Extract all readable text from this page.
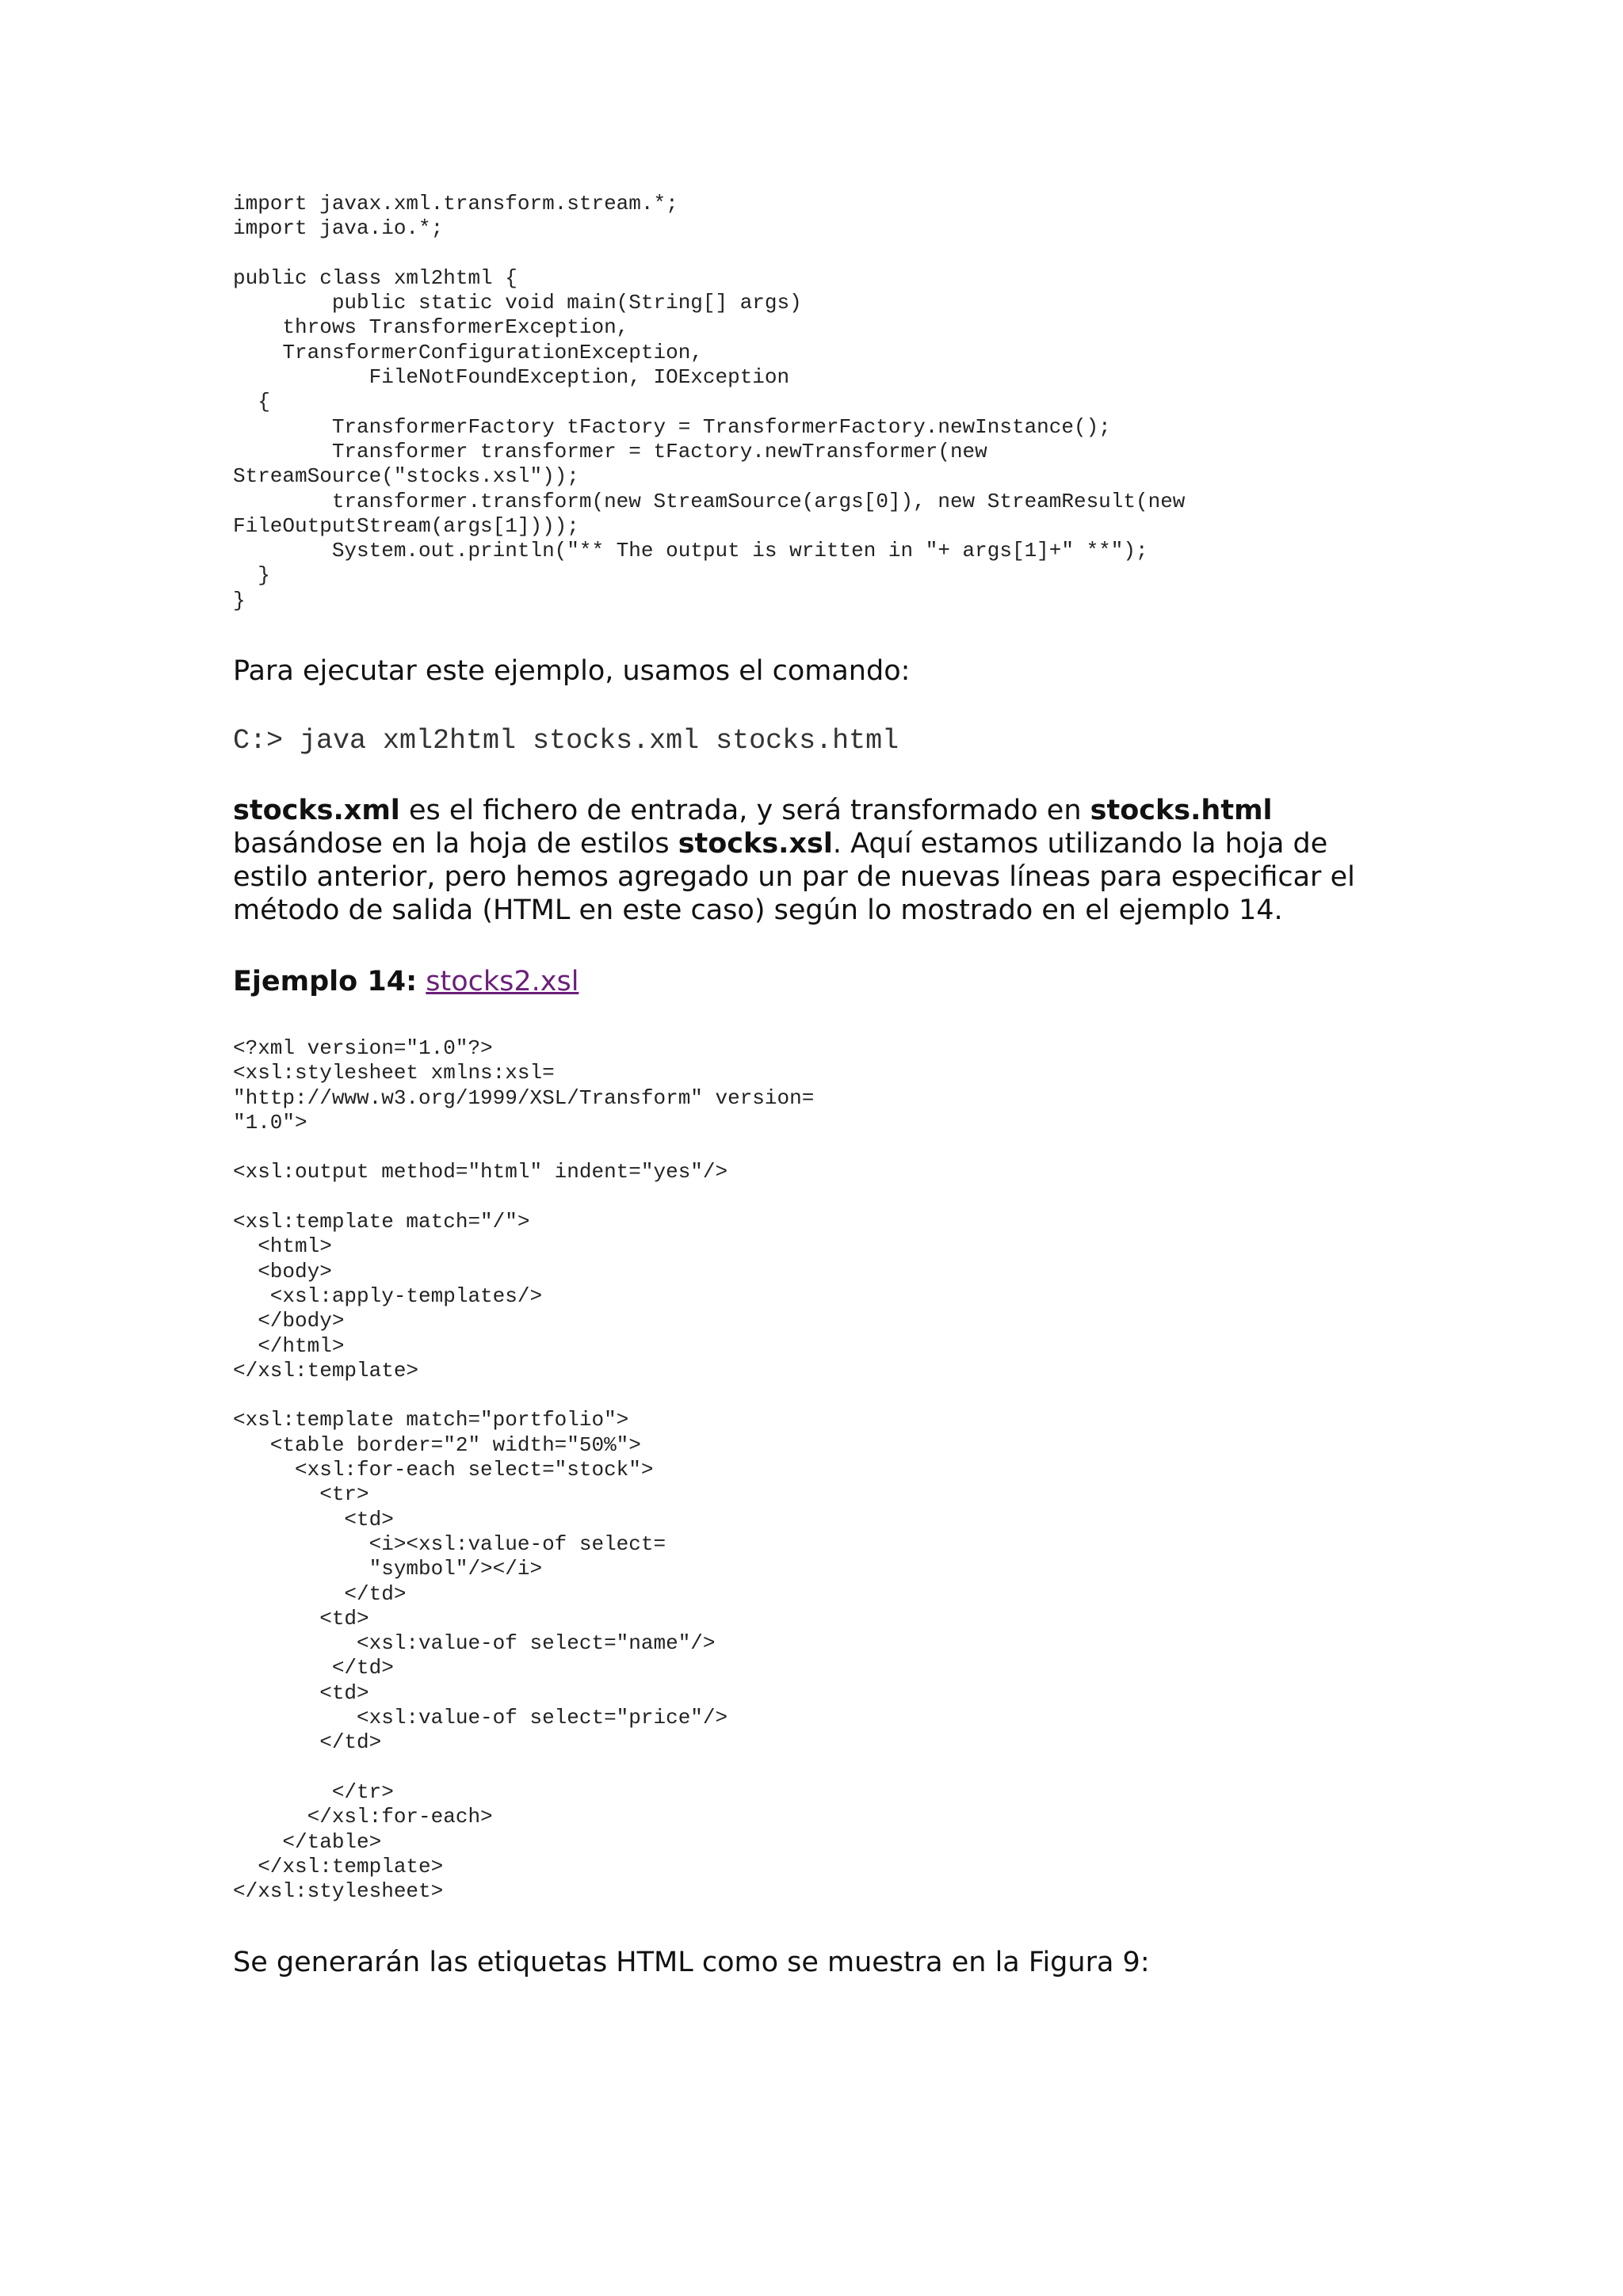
import javax.xml.transform.stream.*;
import java.io.*;

public class xml2html {
public static void main(String[] args)
throws TransformerException,
TransformerConfigurationException,
FileNotFoundException, IOException
{
TransformerFactory tFactory = TransformerFactory.newInstance();
Transformer transformer = tFactory.newTransformer(new
StreamSource("stocks.xsl"));
transformer.transform(new StreamSource(args[0]), new StreamResult(new
FileOutputStream(args[1])));
System.out.println("** The output is written in "+ args[1]+" **");
}
}

Para ejecutar este ejemplo, usamos el comando:

C:> java xml2html stocks.xml stocks.html

stocks.xml es el fichero de entrada, y será transformado en stocks.html basándose en la hoja de estilos stocks.xsl. Aquí estamos utilizando la hoja de estilo anterior, pero hemos agregado un par de nuevas líneas para especificar el método de salida (HTML en este caso) según lo mostrado en el ejemplo 14.

Ejemplo 14: stocks2.xsl

<?xml version="1.0"?>
<xsl:stylesheet xmlns:xsl=
"http://www.w3.org/1999/XSL/Transform" version=
"1.0">

<xsl:output method="html" indent="yes"/>

<xsl:template match="/">
<html>
<body>
<xsl:apply-templates/>
</body>
</html>
</xsl:template>

<xsl:template match="portfolio">
<table border="2" width="50%">
<xsl:for-each select="stock">
<tr>
<td>
<i><xsl:value-of select=
"symbol"/></i>
</td>
<td>
<xsl:value-of select="name"/>
</td>
<td>
<xsl:value-of select="price"/>
</td>

</tr>
</xsl:for-each>
</table>
</xsl:template>
</xsl:stylesheet>

Se generarán las etiquetas HTML como se muestra en la Figura 9:
